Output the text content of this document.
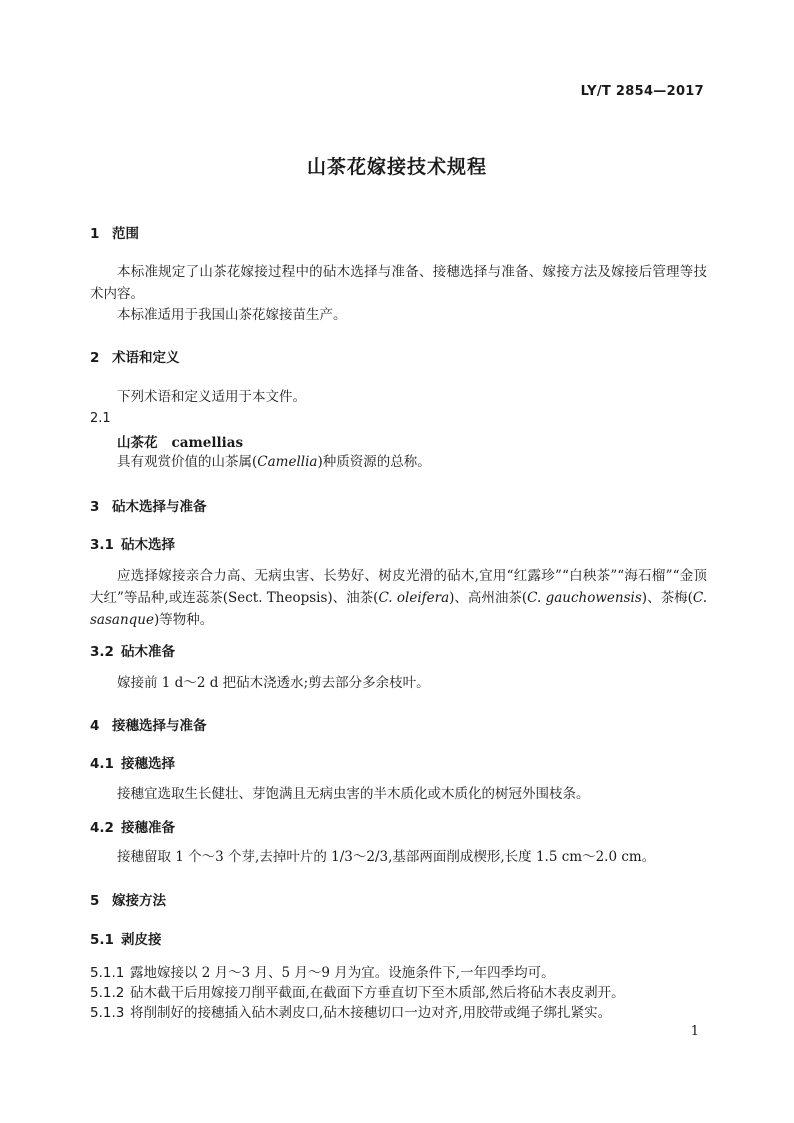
LY/T 2854—2017
山茶花嫁接技术规程
1 范围
本标准规定了山茶花嫁接过程中的砧木选择与准备、接穗选择与准备、嫁接方法及嫁接后管理等技术内容。
本标准适用于我国山茶花嫁接苗生产。
2 术语和定义
下列术语和定义适用于本文件。
2.1
山茶花 camellias
具有观赏价值的山茶属(Camellia)种质资源的总称。
3 砧木选择与准备
3.1 砧木选择
应选择嫁接亲合力高、无病虫害、长势好、树皮光滑的砧木,宜用“红露珍”“白秧茶”“海石榴”“金顶大红”等品种,或连蕊茶(Sect. Theopsis)、油茶(C. oleifera)、高州油茶(C. gauchowensis)、茶梅(C. sasanque)等物种。
3.2 砧木准备
嫁接前 1 d～2 d 把砧木浇透水;剪去部分多余枝叶。
4 接穗选择与准备
4.1 接穗选择
接穗宜选取生长健壮、芽饱满且无病虫害的半木质化或木质化的树冠外围枝条。
4.2 接穗准备
接穗留取 1 个～3 个芽,去掉叶片的 1/3～2/3,基部两面削成楔形,长度 1.5 cm～2.0 cm。
5 嫁接方法
5.1 剥皮接
5.1.1 露地嫁接以 2 月～3 月、5 月～9 月为宜。设施条件下,一年四季均可。
5.1.2 砧木截干后用嫁接刀削平截面,在截面下方垂直切下至木质部,然后将砧木表皮剥开。
5.1.3 将削制好的接穗插入砧木剥皮口,砧木接穗切口一边对齐,用胶带或绳子绑扎紧实。
1
